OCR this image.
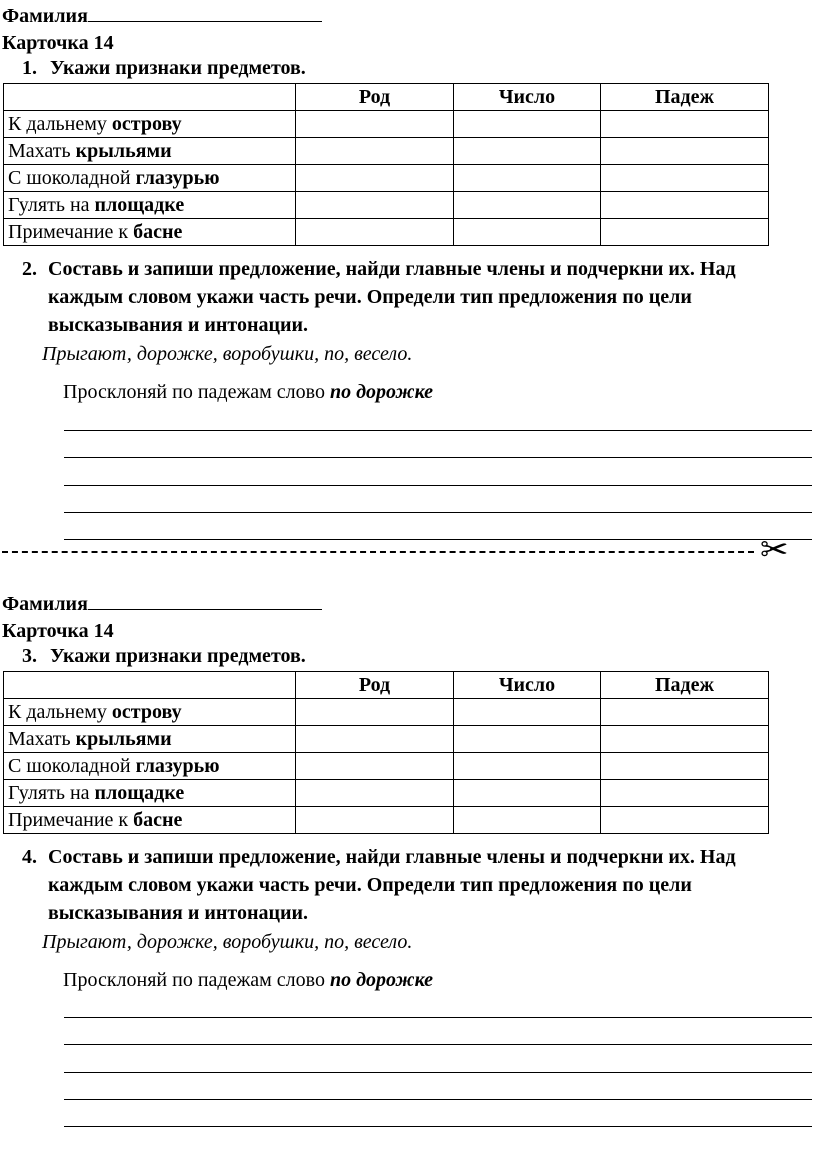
Фамилия
Карточка 14
1. Укажи признаки предметов.
	Род	Число	Падеж
К дальнему острову			
Махать крыльями			
С шоколадной глазурью			
Гулять на площадке			
Примечание к басне			
2. Составь и запиши предложение, найди главные члены и подчеркни их. Над каждым словом укажи часть речи. Определи тип предложения по цели высказывания и интонации.
Прыгают, дорожке, воробушки, по, весело.
Просклоняй по падежам слово по дорожке
✂
Фамилия
Карточка 14
3. Укажи признаки предметов.
	Род	Число	Падеж
К дальнему острову			
Махать крыльями			
С шоколадной глазурью			
Гулять на площадке			
Примечание к басне			
4. Составь и запиши предложение, найди главные члены и подчеркни их. Над каждым словом укажи часть речи. Определи тип предложения по цели высказывания и интонации.
Прыгают, дорожке, воробушки, по, весело.
Просклоняй по падежам слово по дорожке
